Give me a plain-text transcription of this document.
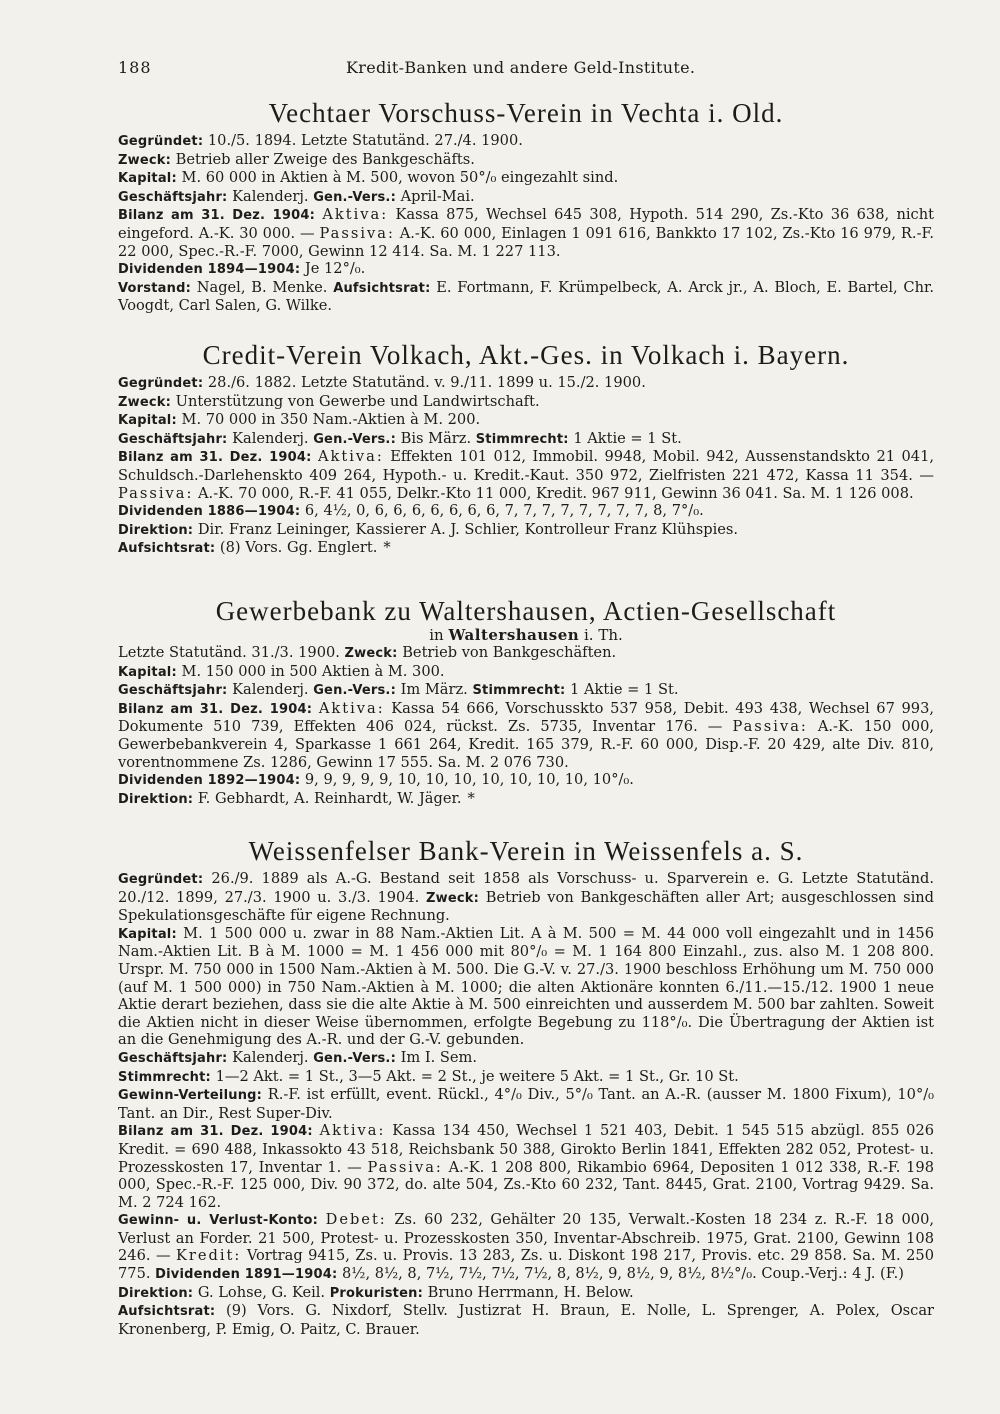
188	Kredit-Banken und andere Geld-Institute.
Vechtaer Vorschuss-Verein in Vechta i. Old.

Gegründet: 10./5. 1894. Letzte Statutänd. 27./4. 1900.

Zweck: Betrieb aller Zweige des Bankgeschäfts.

Kapital: M. 60 000 in Aktien à M. 500, wovon 50°/₀ eingezahlt sind.

Geschäftsjahr: Kalenderj. Gen.-Vers.: April-Mai.

Bilanz am 31. Dez. 1904: Aktiva: Kassa 875, Wechsel 645 308, Hypoth. 514 290, Zs.-Kto 36 638, nicht eingeford. A.-K. 30 000. — Passiva: A.-K. 60 000, Einlagen 1 091 616, Bankkto 17 102, Zs.-Kto 16 979, R.-F. 22 000, Spec.-R.-F. 7000, Gewinn 12 414. Sa. M. 1 227 113.

Dividenden 1894—1904: Je 12°/₀.

Vorstand: Nagel, B. Menke. Aufsichtsrat: E. Fortmann, F. Krümpelbeck, A. Arck jr., A. Bloch, E. Bartel, Chr. Voogdt, Carl Salen, G. Wilke.

Credit-Verein Volkach, Akt.-Ges. in Volkach i. Bayern.

Gegründet: 28./6. 1882. Letzte Statutänd. v. 9./11. 1899 u. 15./2. 1900.

Zweck: Unterstützung von Gewerbe und Landwirtschaft.

Kapital: M. 70 000 in 350 Nam.-Aktien à M. 200.

Geschäftsjahr: Kalenderj. Gen.-Vers.: Bis März. Stimmrecht: 1 Aktie = 1 St.

Bilanz am 31. Dez. 1904: Aktiva: Effekten 101 012, Immobil. 9948, Mobil. 942, Aussenstandskto 21 041, Schuldsch.-Darlehenskto 409 264, Hypoth.- u. Kredit.-Kaut. 350 972, Zielfristen 221 472, Kassa 11 354. — Passiva: A.-K. 70 000, R.-F. 41 055, Delkr.-Kto 11 000, Kredit. 967 911, Gewinn 36 041. Sa. M. 1 126 008.

Dividenden 1886—1904: 6, 4½, 0, 6, 6, 6, 6, 6, 6, 6, 7, 7, 7, 7, 7, 7, 7, 7, 8, 7°/₀.

Direktion: Dir. Franz Leininger, Kassierer A. J. Schlier, Kontrolleur Franz Klühspies.

Aufsichtsrat: (8) Vors. Gg. Englert. *

Gewerbebank zu Waltershausen, Actien-Gesellschaft
in Waltershausen i. Th.

Letzte Statutänd. 31./3. 1900. Zweck: Betrieb von Bankgeschäften.

Kapital: M. 150 000 in 500 Aktien à M. 300.

Geschäftsjahr: Kalenderj. Gen.-Vers.: Im März. Stimmrecht: 1 Aktie = 1 St.

Bilanz am 31. Dez. 1904: Aktiva: Kassa 54 666, Vorschusskto 537 958, Debit. 493 438, Wechsel 67 993, Dokumente 510 739, Effekten 406 024, rückst. Zs. 5735, Inventar 176. — Passiva: A.-K. 150 000, Gewerbebankverein 4, Sparkasse 1 661 264, Kredit. 165 379, R.-F. 60 000, Disp.-F. 20 429, alte Div. 810, vorentnommene Zs. 1286, Gewinn 17 555. Sa. M. 2 076 730.

Dividenden 1892—1904: 9, 9, 9, 9, 9, 10, 10, 10, 10, 10, 10, 10, 10°/₀.

Direktion: F. Gebhardt, A. Reinhardt, W. Jäger. *

Weissenfelser Bank-Verein in Weissenfels a. S.

Gegründet: 26./9. 1889 als A.-G. Bestand seit 1858 als Vorschuss- u. Sparverein e. G. Letzte Statutänd. 20./12. 1899, 27./3. 1900 u. 3./3. 1904. Zweck: Betrieb von Bankgeschäften aller Art; ausgeschlossen sind Spekulationsgeschäfte für eigene Rechnung.

Kapital: M. 1 500 000 u. zwar in 88 Nam.-Aktien Lit. A à M. 500 = M. 44 000 voll eingezahlt und in 1456 Nam.-Aktien Lit. B à M. 1000 = M. 1 456 000 mit 80°/₀ = M. 1 164 800 Einzahl., zus. also M. 1 208 800. Urspr. M. 750 000 in 1500 Nam.-Aktien à M. 500. Die G.-V. v. 27./3. 1900 beschloss Erhöhung um M. 750 000 (auf M. 1 500 000) in 750 Nam.-Aktien à M. 1000; die alten Aktionäre konnten 6./11.—15./12. 1900 1 neue Aktie derart beziehen, dass sie die alte Aktie à M. 500 einreichten und ausserdem M. 500 bar zahlten. Soweit die Aktien nicht in dieser Weise übernommen, erfolgte Begebung zu 118°/₀. Die Übertragung der Aktien ist an die Genehmigung des A.-R. und der G.-V. gebunden.

Geschäftsjahr: Kalenderj. Gen.-Vers.: Im I. Sem.

Stimmrecht: 1—2 Akt. = 1 St., 3—5 Akt. = 2 St., je weitere 5 Akt. = 1 St., Gr. 10 St.

Gewinn-Verteilung: R.-F. ist erfüllt, event. Rückl., 4°/₀ Div., 5°/₀ Tant. an A.-R. (ausser M. 1800 Fixum), 10°/₀ Tant. an Dir., Rest Super-Div.

Bilanz am 31. Dez. 1904: Aktiva: Kassa 134 450, Wechsel 1 521 403, Debit. 1 545 515 abzügl. 855 026 Kredit. = 690 488, Inkassokto 43 518, Reichsbank 50 388, Girokto Berlin 1841, Effekten 282 052, Protest- u. Prozesskosten 17, Inventar 1. — Passiva: A.-K. 1 208 800, Rikambio 6964, Depositen 1 012 338, R.-F. 198 000, Spec.-R.-F. 125 000, Div. 90 372, do. alte 504, Zs.-Kto 60 232, Tant. 8445, Grat. 2100, Vortrag 9429. Sa. M. 2 724 162.

Gewinn- u. Verlust-Konto: Debet: Zs. 60 232, Gehälter 20 135, Verwalt.-Kosten 18 234 z. R.-F. 18 000, Verlust an Forder. 21 500, Protest- u. Prozesskosten 350, Inventar-Abschreib. 1975, Grat. 2100, Gewinn 108 246. — Kredit: Vortrag 9415, Zs. u. Provis. 13 283, Zs. u. Diskont 198 217, Provis. etc. 29 858. Sa. M. 250 775. Dividenden 1891—1904: 8½, 8½, 8, 7½, 7½, 7½, 7½, 8, 8½, 9, 8½, 9, 8½, 8½°/₀. Coup.-Verj.: 4 J. (F.)

Direktion: G. Lohse, G. Keil. Prokuristen: Bruno Herrmann, H. Below.

Aufsichtsrat: (9) Vors. G. Nixdorf, Stellv. Justizrat H. Braun, E. Nolle, L. Sprenger, A. Polex, Oscar Kronenberg, P. Emig, O. Paitz, C. Brauer.
